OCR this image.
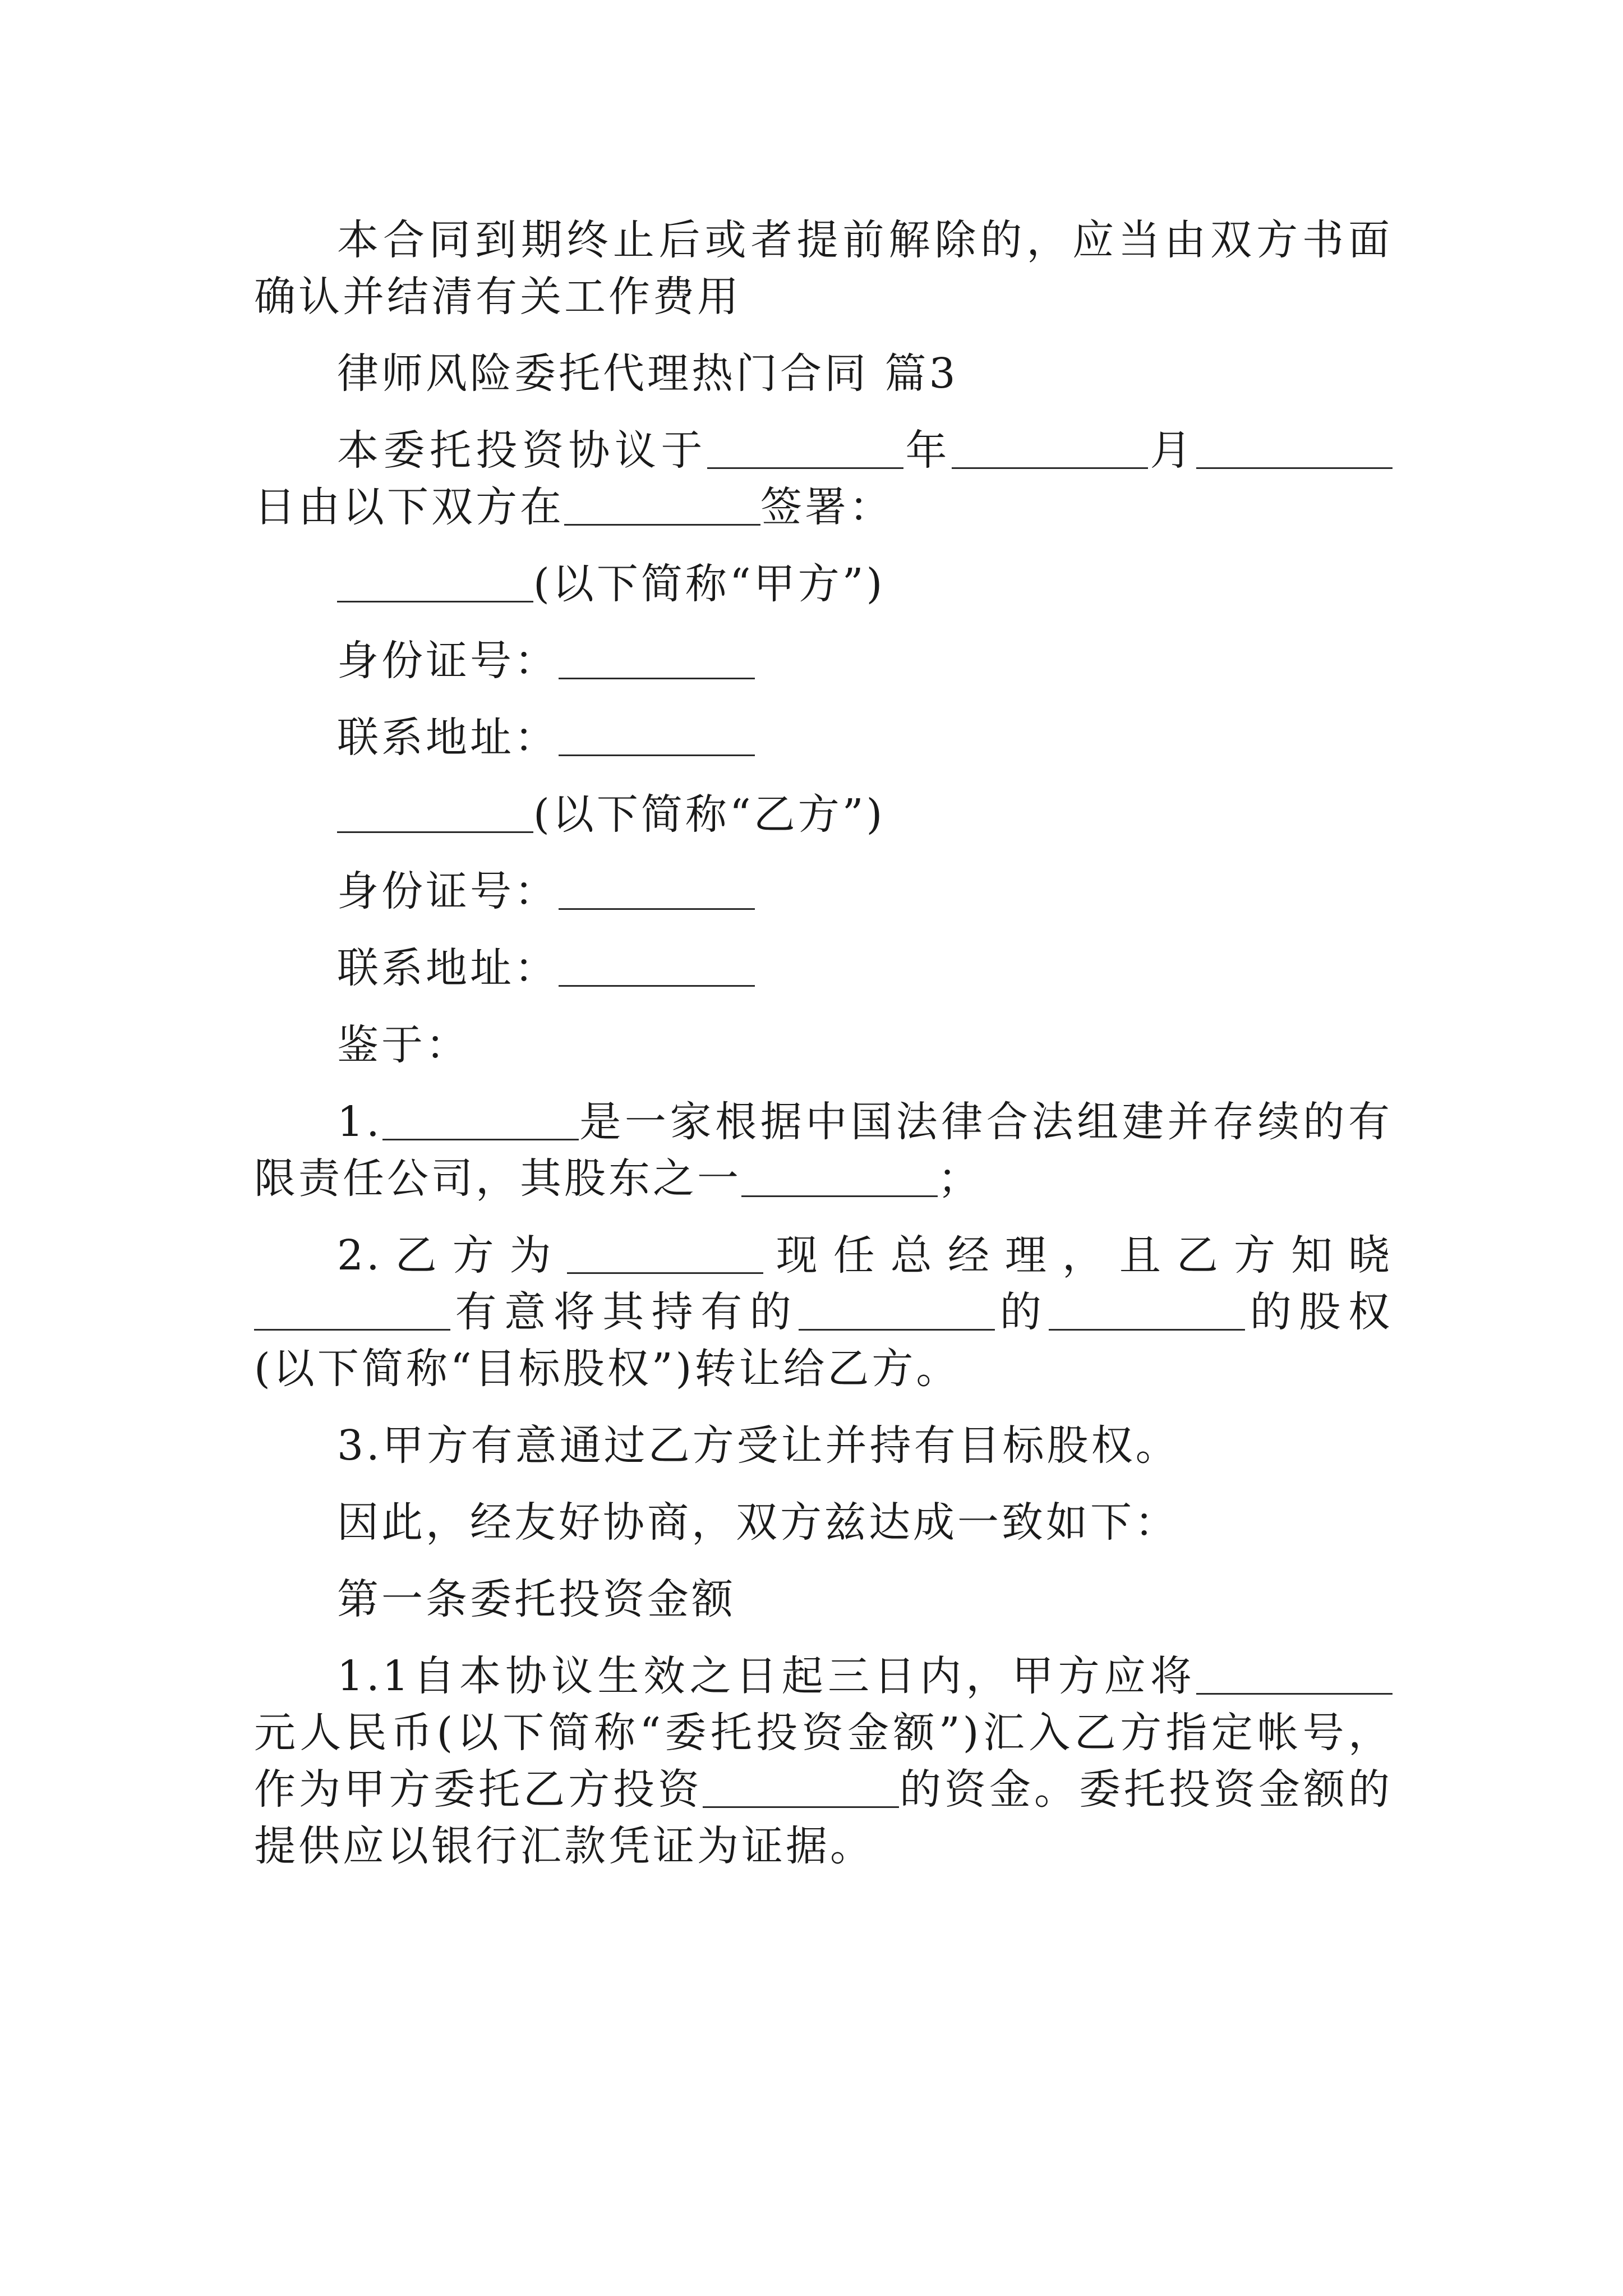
本合同到期终止后或者提前解除的，应当由双方书面确认并结清有关工作费用

律师风险委托代理热门合同 篇3

本委托投资协议于	年	月日由以下双方在	签署：

(以下简称“甲方”)

身份证号：

联系地址：

(以下简称“乙方”)

身份证号：

联系地址：

鉴于：

1.	是一家根据中国法律合法组建并存续的有限责任公司，其股东之一	；

2.乙方为	现任总经理，且乙方知晓有意将其持有的	的	的股权(以下简称“目标股权”)转让给乙方。

3.甲方有意通过乙方受让并持有目标股权。

因此，经友好协商，双方兹达成一致如下：

第一条委托投资金额

1.1自本协议生效之日起三日内，甲方应将元人民币(以下简称“委托投资金额”)汇入乙方指定帐号，作为甲方委托乙方投资	的资金。委托投资金额的提供应以银行汇款凭证为证据。
